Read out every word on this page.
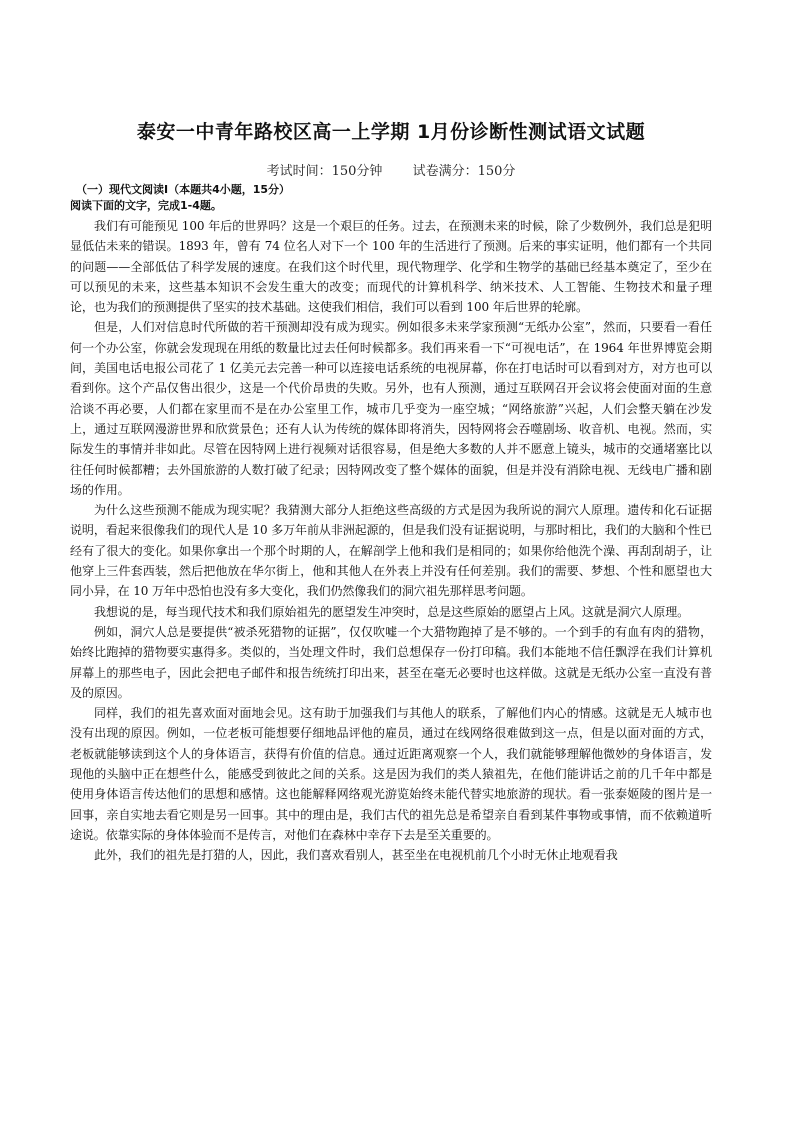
泰安一中青年路校区高一上学期 1月份诊断性测试语文试题

考试时间：150分钟 试卷满分：150分

（一）现代文阅读Ⅰ（本题共4小题，15分）
阅读下面的文字，完成1-4题。

我们有可能预见 100 年后的世界吗？这是一个艰巨的任务。过去，在预测未来的时候，除了少数例外，我们总是犯明显低估未来的错误。1893 年，曾有 74 位名人对下一个 100 年的生活进行了预测。后来的事实证明，他们都有一个共同的问题——全部低估了科学发展的速度。在我们这个时代里，现代物理学、化学和生物学的基础已经基本奠定了，至少在可以预见的未来，这些基本知识不会发生重大的改变；而现代的计算机科学、纳米技术、人工智能、生物技术和量子理论，也为我们的预测提供了坚实的技术基础。这使我们相信，我们可以看到 100 年后世界的轮廓。

但是，人们对信息时代所做的若干预测却没有成为现实。例如很多未来学家预测“无纸办公室”，然而，只要看一看任何一个办公室，你就会发现现在用纸的数量比过去任何时候都多。我们再来看一下“可视电话”，在 1964 年世界博览会期间，美国电话电报公司花了 1 亿美元去完善一种可以连接电话系统的电视屏幕，你在打电话时可以看到对方，对方也可以看到你。这个产品仅售出很少，这是一个代价昂贵的失败。另外，也有人预测，通过互联网召开会议将会使面对面的生意洽谈不再必要，人们都在家里而不是在办公室里工作，城市几乎变为一座空城；“网络旅游”兴起，人们会整天躺在沙发上，通过互联网漫游世界和欣赏景色；还有人认为传统的媒体即将消失，因特网将会吞噬剧场、收音机、电视。然而，实际发生的事情并非如此。尽管在因特网上进行视频对话很容易，但是绝大多数的人并不愿意上镜头，城市的交通堵塞比以往任何时候都糟；去外国旅游的人数打破了纪录；因特网改变了整个媒体的面貌，但是并没有消除电视、无线电广播和剧场的作用。

为什么这些预测不能成为现实呢？我猜测大部分人拒绝这些高级的方式是因为我所说的洞穴人原理。遗传和化石证据说明，看起来很像我们的现代人是 10 多万年前从非洲起源的，但是我们没有证据说明，与那时相比，我们的大脑和个性已经有了很大的变化。如果你拿出一个那个时期的人，在解剖学上他和我们是相同的；如果你给他洗个澡、再刮刮胡子，让他穿上三件套西装，然后把他放在华尔街上，他和其他人在外表上并没有任何差别。我们的需要、梦想、个性和愿望也大同小异，在 10 万年中恐怕也没有多大变化，我们仍然像我们的洞穴祖先那样思考问题。

我想说的是，每当现代技术和我们原始祖先的愿望发生冲突时，总是这些原始的愿望占上风。这就是洞穴人原理。

例如，洞穴人总是要提供“被杀死猎物的证据”，仅仅吹嘘一个大猎物跑掉了是不够的。一个到手的有血有肉的猎物，始终比跑掉的猎物要实惠得多。类似的，当处理文件时，我们总想保存一份打印稿。我们本能地不信任飘浮在我们计算机屏幕上的那些电子，因此会把电子邮件和报告统统打印出来，甚至在毫无必要时也这样做。这就是无纸办公室一直没有普及的原因。

同样，我们的祖先喜欢面对面地会见。这有助于加强我们与其他人的联系，了解他们内心的情感。这就是无人城市也没有出现的原因。例如，一位老板可能想要仔细地品评他的雇员，通过在线网络很难做到这一点，但是以面对面的方式，老板就能够读到这个人的身体语言，获得有价值的信息。通过近距离观察一个人，我们就能够理解他微妙的身体语言，发现他的头脑中正在想些什么，能感受到彼此之间的关系。这是因为我们的类人猿祖先，在他们能讲话之前的几千年中都是使用身体语言传达他们的思想和感情。这也能解释网络观光游览始终未能代替实地旅游的现状。看一张泰姬陵的图片是一回事，亲自实地去看它则是另一回事。其中的理由是，我们古代的祖先总是希望亲自看到某件事物或事情，而不依赖道听途说。依靠实际的身体体验而不是传言，对他们在森林中幸存下去是至关重要的。

此外，我们的祖先是打猎的人，因此，我们喜欢看别人，甚至坐在电视机前几个小时无休止地观看我
